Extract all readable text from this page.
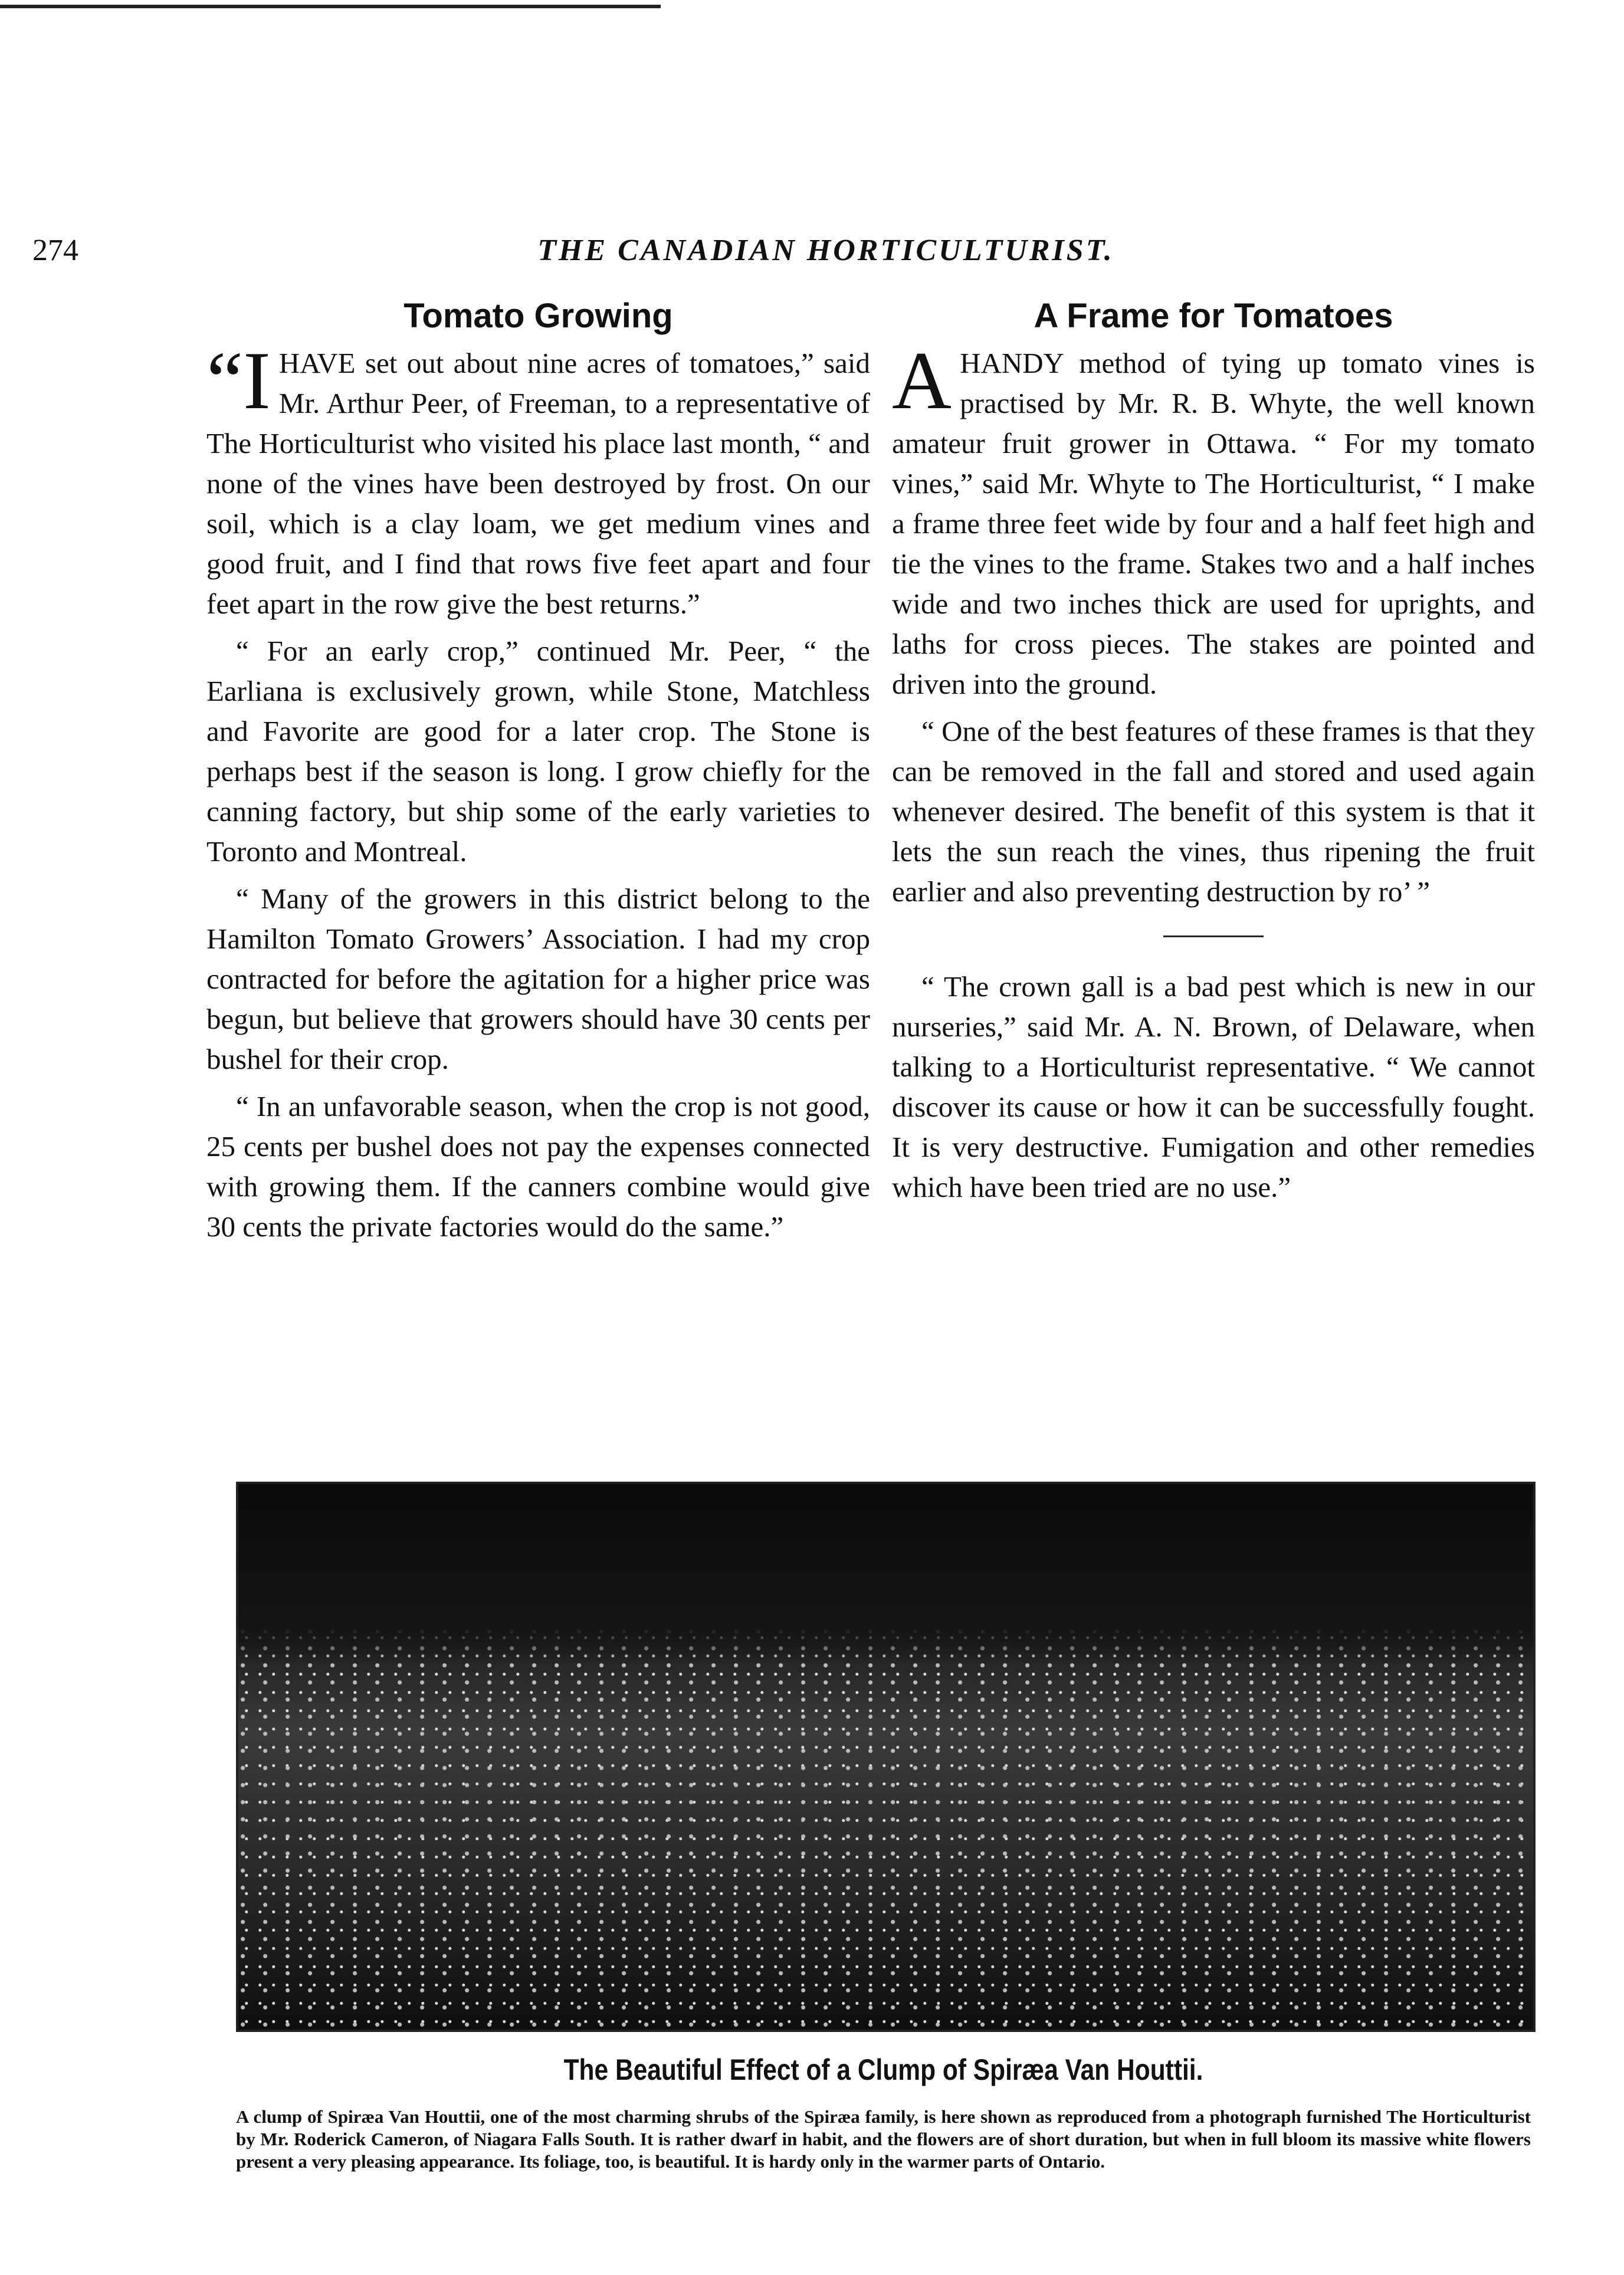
274	THE CANADIAN HORTICULTURIST.
Tomato Growing

“IHAVE set out about nine acres of tomatoes,” said Mr. Arthur Peer, of Freeman, to a representative of The Horticulturist who visited his place last month, “ and none of the vines have been destroyed by frost. On our soil, which is a clay loam, we get medium vines and good fruit, and I find that rows five feet apart and four feet apart in the row give the best returns.”

“ For an early crop,” continued Mr. Peer, “ the Earliana is exclusively grown, while Stone, Matchless and Favorite are good for a later crop. The Stone is perhaps best if the season is long. I grow chiefly for the canning factory, but ship some of the early varieties to Toronto and Montreal.

“ Many of the growers in this district belong to the Hamilton Tomato Growers’ Association. I had my crop contracted for before the agitation for a higher price was begun, but believe that growers should have 30 cents per bushel for their crop.

“ In an unfavorable season, when the crop is not good, 25 cents per bushel does not pay the expenses connected with growing them. If the canners combine would give 30 cents the private factories would do the same.”

A Frame for Tomatoes

AHANDY method of tying up tomato vines is practised by Mr. R. B. Whyte, the well known amateur fruit grower in Ottawa. “ For my tomato vines,” said Mr. Whyte to The Horticulturist, “ I make a frame three feet wide by four and a half feet high and tie the vines to the frame. Stakes two and a half inches wide and two inches thick are used for uprights, and laths for cross pieces. The stakes are pointed and driven into the ground.

“ One of the best features of these frames is that they can be removed in the fall and stored and used again whenever desired. The benefit of this system is that it lets the sun reach the vines, thus ripening the fruit earlier and also preventing destruction by ro’ ”

“ The crown gall is a bad pest which is new in our nurseries,” said Mr. A. N. Brown, of Delaware, when talking to a Horticulturist representative. “ We cannot discover its cause or how it can be successfully fought. It is very destructive. Fumigation and other remedies which have been tried are no use.”

The Beautiful Effect of a Clump of Spiræa Van Houttii.
A clump of Spiræa Van Houttii, one of the most charming shrubs of the Spiræa family, is here shown as reproduced from a photograph furnished The Horticulturist by Mr. Roderick Cameron, of Niagara Falls South. It is rather dwarf in habit, and the flowers are of short duration, but when in full bloom its massive white flowers present a very pleasing appearance. Its foliage, too, is beautiful. It is hardy only in the warmer parts of Ontario.
